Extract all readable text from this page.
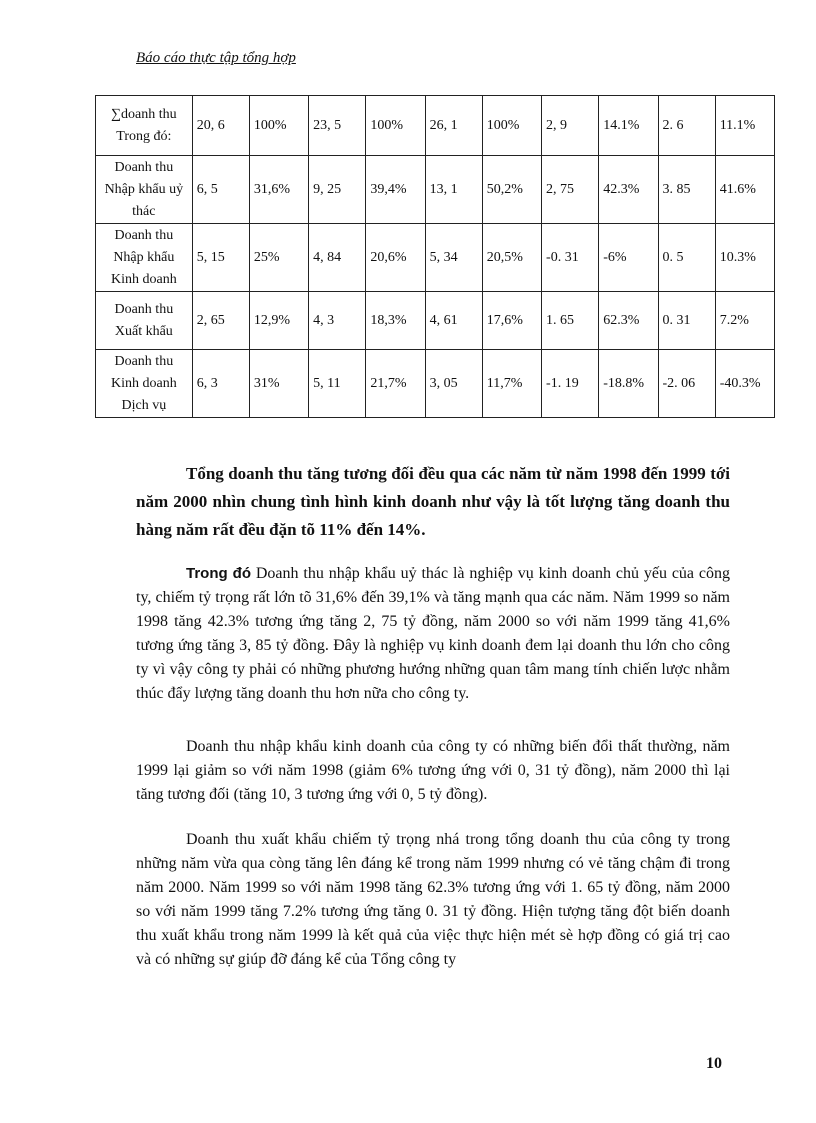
Báo cáo thực tập tổng hợp
∑doanh thu Trong đó:	20, 6	100%	23, 5	100%	26, 1	100%	2, 9	14.1%	2. 6	11.1%
Doanh thu Nhập khẩu uỷ thác	6, 5	31,6%	9, 25	39,4%	13, 1	50,2%	2, 75	42.3%	3. 85	41.6%
Doanh thu Nhập khẩu Kinh doanh	5, 15	25%	4, 84	20,6%	5, 34	20,5%	-0. 31	-6%	0. 5	10.3%
Doanh thu Xuất khẩu	2, 65	12,9%	4, 3	18,3%	4, 61	17,6%	1. 65	62.3%	0. 31	7.2%
Doanh thu Kinh doanh Dịch vụ	6, 3	31%	5, 11	21,7%	3, 05	11,7%	-1. 19	-18.8%	-2. 06	-40.3%

Tổng doanh thu tăng tương đối đều qua các năm từ năm 1998 đến 1999 tới năm 2000 nhìn chung tình hình kinh doanh như vậy là tốt lượng tăng doanh thu hàng năm rất đều đặn tõ 11% đến 14%.

Trong đó Doanh thu nhập khẩu uỷ thác là nghiệp vụ kinh doanh chủ yếu của công ty, chiếm tỷ trọng rất lớn tõ 31,6% đến 39,1% và tăng mạnh qua các năm. Năm 1999 so năm 1998 tăng 42.3% tương ứng tăng 2, 75 tỷ đồng, năm 2000 so với năm 1999 tăng 41,6% tương ứng tăng 3, 85 tỷ đồng. Đây là nghiệp vụ kinh doanh đem lại doanh thu lớn cho công ty vì vậy công ty phải có những phương hướng những quan tâm mang tính chiến lược nhằm thúc đẩy lượng tăng doanh thu hơn nữa cho công ty.

Doanh thu nhập khẩu kinh doanh của công ty có những biến đổi thất thường, năm 1999 lại giảm so với năm 1998 (giảm 6% tương ứng với 0, 31 tỷ đồng), năm 2000 thì lại tăng tương đối (tăng 10, 3 tương ứng với 0, 5 tỷ đồng).

Doanh thu xuất khẩu chiếm tỷ trọng nhá trong tổng doanh thu của công ty trong những năm vừa qua còng tăng lên đáng kể trong năm 1999 nhưng có vẻ tăng chậm đi trong năm 2000. Năm 1999 so với năm 1998 tăng 62.3% tương ứng với 1. 65 tỷ đồng, năm 2000 so với năm 1999 tăng 7.2% tương ứng tăng 0. 31 tỷ đồng. Hiện tượng tăng đột biến doanh thu xuất khẩu trong năm 1999 là kết quả của việc thực hiện mét sè hợp đồng có giá trị cao và có những sự giúp đỡ đáng kể của Tổng công ty

10
